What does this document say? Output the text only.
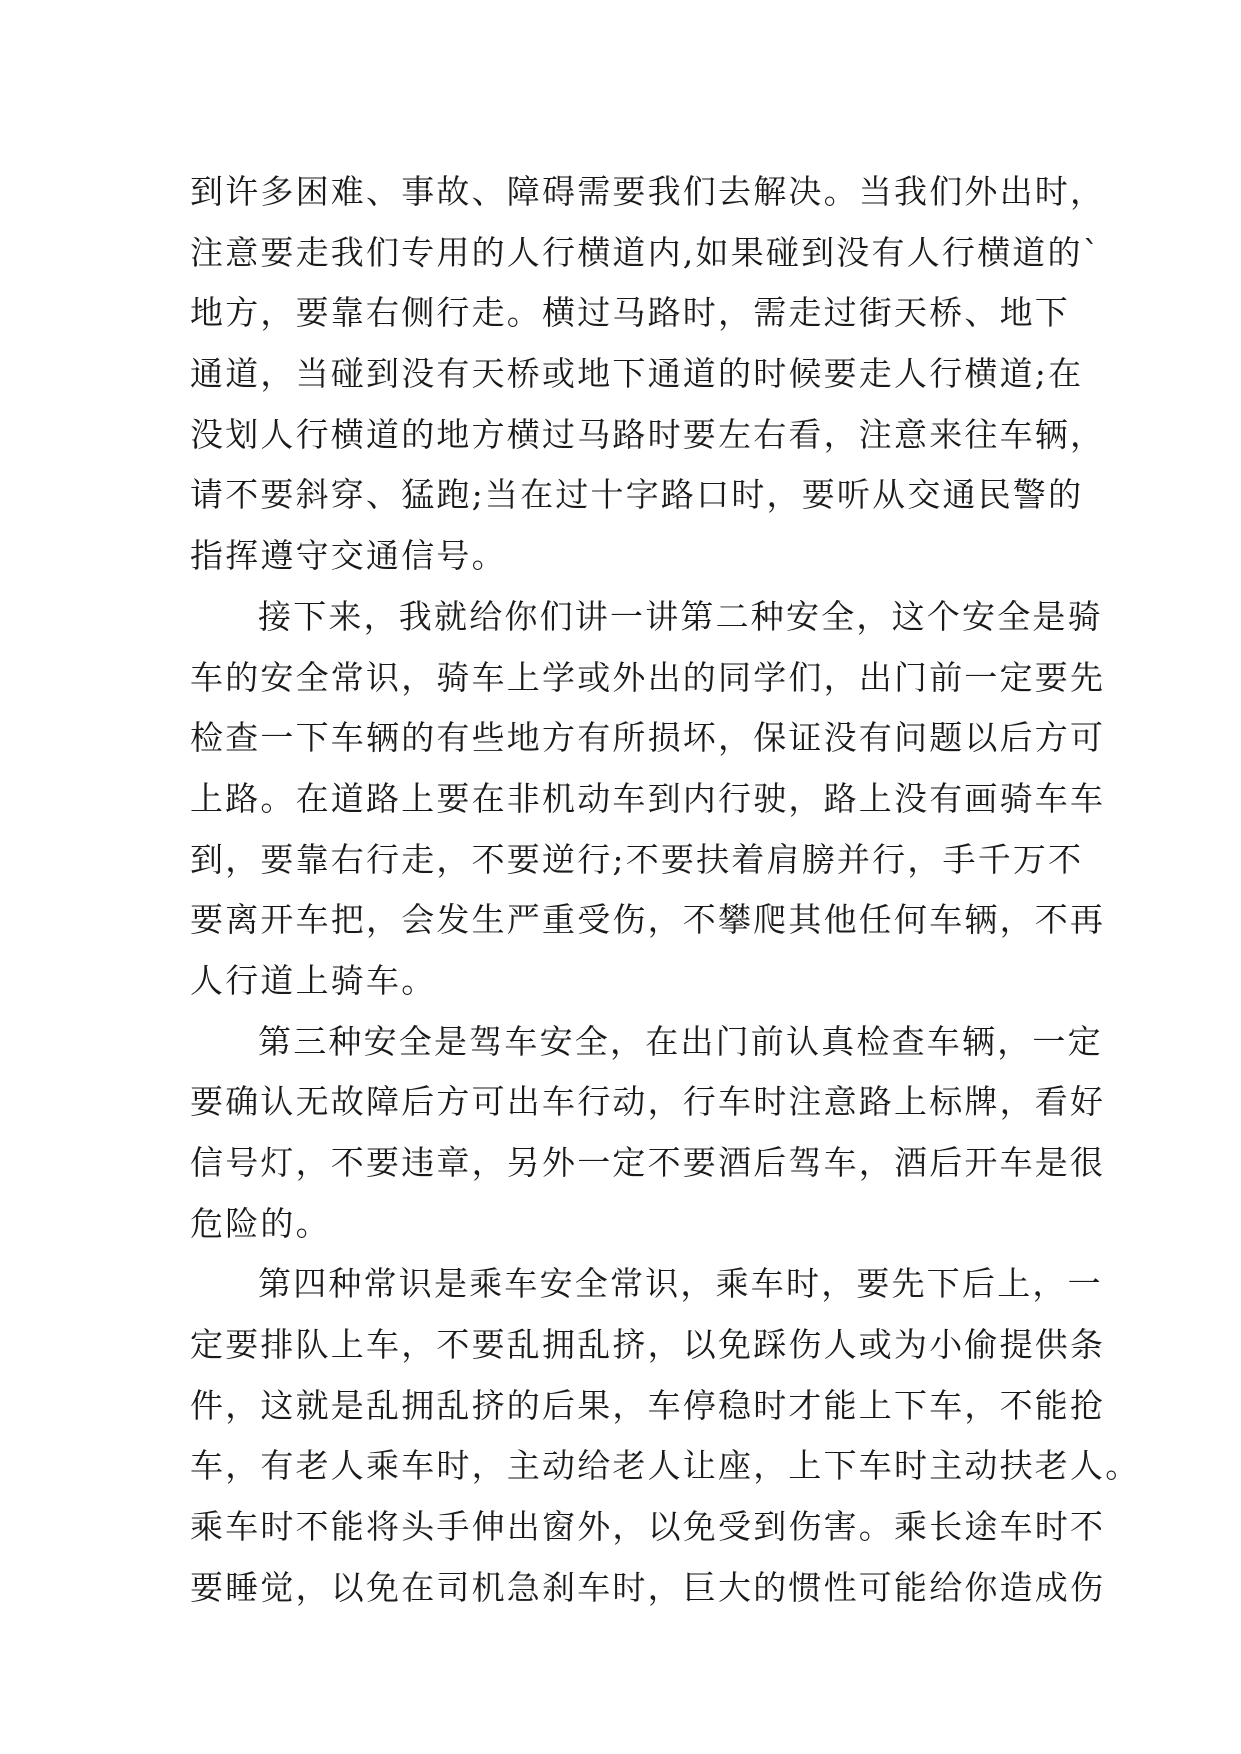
到许多困难、事故、障碍需要我们去解决。当我们外出时，
注意要走我们专用的人行横道内,如果碰到没有人行横道的`
地方，要靠右侧行走。横过马路时，需走过街天桥、地下
通道，当碰到没有天桥或地下通道的时候要走人行横道;在
没划人行横道的地方横过马路时要左右看，注意来往车辆，
请不要斜穿、猛跑;当在过十字路口时，要听从交通民警的
指挥遵守交通信号。
接下来，我就给你们讲一讲第二种安全，这个安全是骑
车的安全常识，骑车上学或外出的同学们，出门前一定要先
检查一下车辆的有些地方有所损坏，保证没有问题以后方可
上路。在道路上要在非机动车到内行驶，路上没有画骑车车
到，要靠右行走，不要逆行;不要扶着肩膀并行，手千万不
要离开车把，会发生严重受伤，不攀爬其他任何车辆，不再
人行道上骑车。
第三种安全是驾车安全，在出门前认真检查车辆，一定
要确认无故障后方可出车行动，行车时注意路上标牌，看好
信号灯，不要违章，另外一定不要酒后驾车，酒后开车是很
危险的。
第四种常识是乘车安全常识，乘车时，要先下后上，一
定要排队上车，不要乱拥乱挤，以免踩伤人或为小偷提供条
件，这就是乱拥乱挤的后果，车停稳时才能上下车，不能抢
车，有老人乘车时，主动给老人让座，上下车时主动扶老人。
乘车时不能将头手伸出窗外，以免受到伤害。乘长途车时不
要睡觉，以免在司机急刹车时，巨大的惯性可能给你造成伤
